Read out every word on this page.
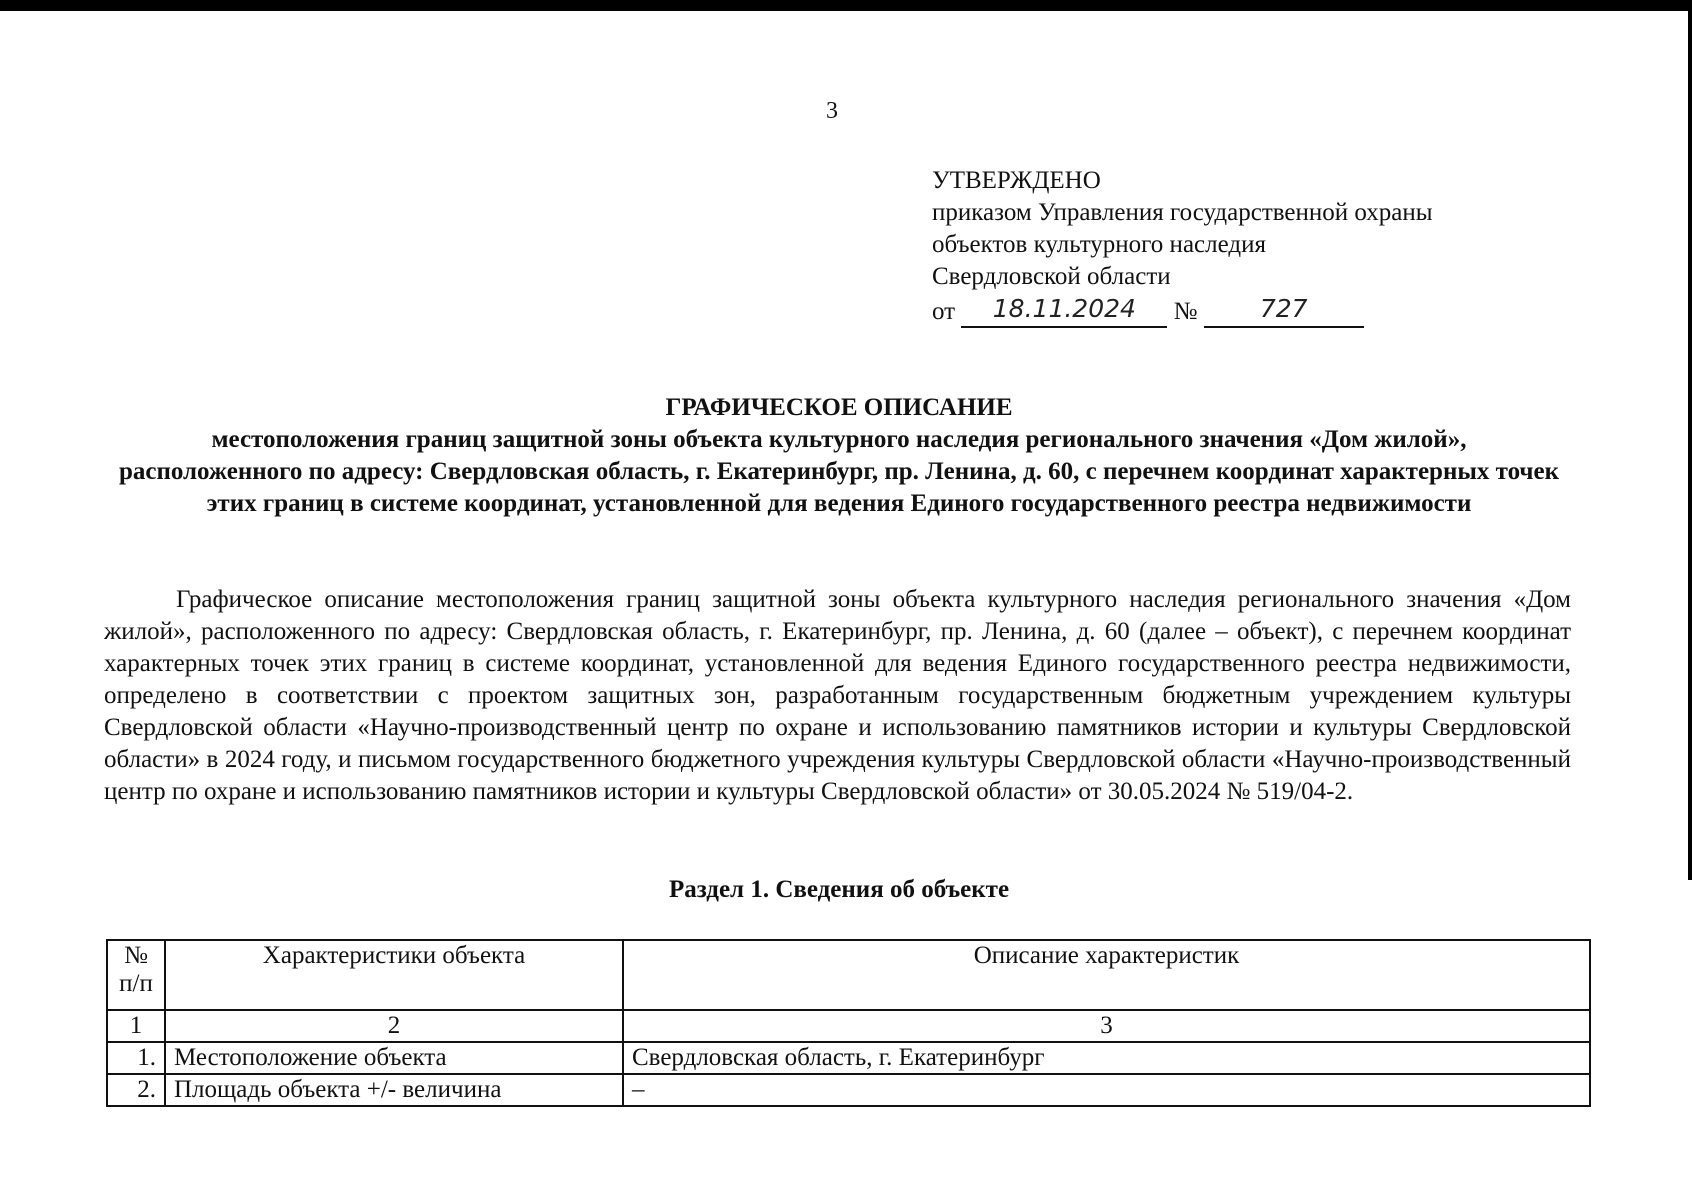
3
УТВЕРЖДЕНО
приказом Управления государственной охраны
объектов культурного наследия
Свердловской области
от 18.11.2024 № 727
ГРАФИЧЕСКОЕ ОПИСАНИЕ
местоположения границ защитной зоны объекта культурного наследия регионального значения «Дом жилой», расположенного по адресу: Свердловская область, г. Екатеринбург, пр. Ленина, д. 60, с перечнем координат характерных точек этих границ в системе координат, установленной для ведения Единого государственного реестра недвижимости
Графическое описание местоположения границ защитной зоны объекта культурного наследия регионального значения «Дом жилой», расположенного по адресу: Свердловская область, г. Екатеринбург, пр. Ленина, д. 60 (далее – объект), с перечнем координат характерных точек этих границ в системе координат, установленной для ведения Единого государственного реестра недвижимости, определено в соответствии с проектом защитных зон, разработанным государственным бюджетным учреждением культуры Свердловской области «Научно-производственный центр по охране и использованию памятников истории и культуры Свердловской области» в 2024 году, и письмом государственного бюджетного учреждения культуры Свердловской области «Научно-производственный центр по охране и использованию памятников истории и культуры Свердловской области» от 30.05.2024 № 519/04-2.
Раздел 1. Сведения об объекте
№ п/п	Характеристики объекта	Описание характеристик
1	2	3
1.	Местоположение объекта	Свердловская область, г. Екатеринбург
2.	Площадь объекта +/- величина	–
